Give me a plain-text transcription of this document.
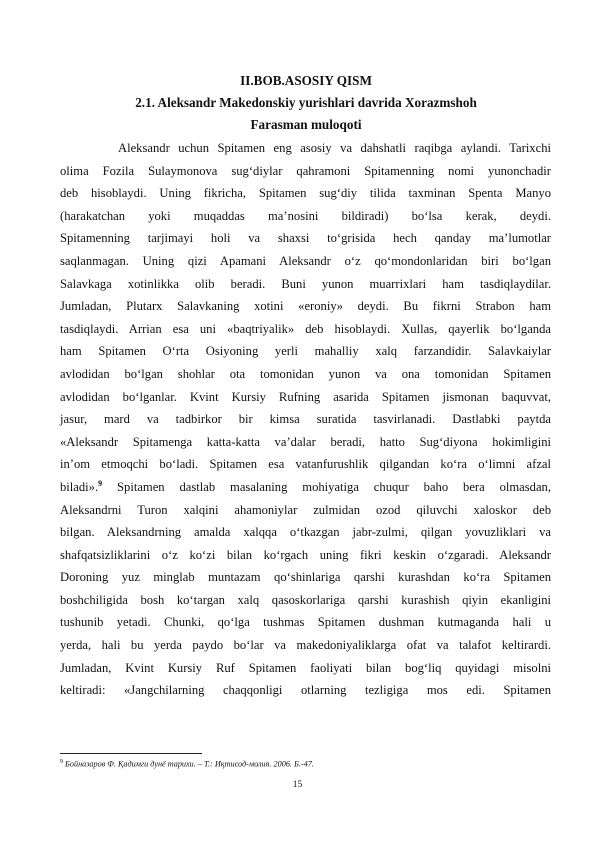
II.BOB.ASOSIY QISM
2.1. Aleksandr Makedonskiy yurishlari davrida Xorazmshoh
Farasman muloqoti
Aleksandr uchun Spitamen eng asosiy va dahshatli raqibga aylandi. Tarixchi
olima Fozila Sulaymonova sug‘diylar qahramoni Spitamenning nomi yunonchadir
deb hisoblaydi. Uning fikricha, Spitamen sug‘diy tilida taxminan Spenta Manyo
(harakatchan yoki muqaddas ma’nosini bildiradi) bo‘lsa kerak, deydi.
Spitamenning tarjimayi holi va shaxsi to‘grisida hech qanday ma’lumotlar
saqlanmagan. Uning qizi Apamani Aleksandr o‘z qo‘mondonlaridan biri bo‘lgan
Salavkaga xotinlikka olib beradi. Buni yunon muarrixlari ham tasdiqlaydilar.
Jumladan, Plutarx Salavkaning xotini «eroniy» deydi. Bu fikrni Strabon ham
tasdiqlaydi. Arrian esa uni «baqtriyalik» deb hisoblaydi. Xullas, qayerlik bo‘lganda
ham Spitamen O‘rta Osiyoning yerli mahalliy xalq farzandidir. Salavkaiylar
avlodidan bo‘lgan shohlar ota tomonidan yunon va ona tomonidan Spitamen
avlodidan bo‘lganlar. Kvint Kursiy Rufning asarida Spitamen jismonan baquvvat,
jasur, mard va tadbirkor bir kimsa suratida tasvirlanadi. Dastlabki paytda
«Aleksandr Spitamenga katta-katta va’dalar beradi, hatto Sug‘diyona hokimligini
in’om etmoqchi bo‘ladi. Spitamen esa vatanfurushlik qilgandan ko‘ra o‘limni afzal
biladi».$^9$ Spitamen dastlab masalaning mohiyatiga chuqur baho bera olmasdan,
Aleksandrni Turon xalqini ahamoniylar zulmidan ozod qiluvchi xaloskor deb
bilgan. Aleksandrning amalda xalqqa o‘tkazgan jabr-zulmi, qilgan yovuzliklari va
shafqatsizliklarini o‘z ko‘zi bilan ko‘rgach uning fikri keskin o‘zgaradi. Aleksandr
Doroning yuz minglab muntazam qo‘shinlariga qarshi kurashdan ko‘ra Spitamen
boshchiligida bosh ko‘targan xalq qasoskorlariga qarshi kurashish qiyin ekanligini
tushunib yetadi. Chunki, qo‘lga tushmas Spitamen dushman kutmaganda hali u
yerda, hali bu yerda paydo bo‘lar va makedoniyaliklarga ofat va talafot keltirardi.
Jumladan, Kvint Kursiy Ruf Spitamen faoliyati bilan bog‘liq quyidagi misolni
keltiradi: «Jangchilarning chaqqonligi otlarning tezligiga mos edi. Spitamen
$^9$ Бойназаров Ф. Қадимги дунё тарихи. – Т.: Иқтисод-молия. 2006. Б.-47.
15
